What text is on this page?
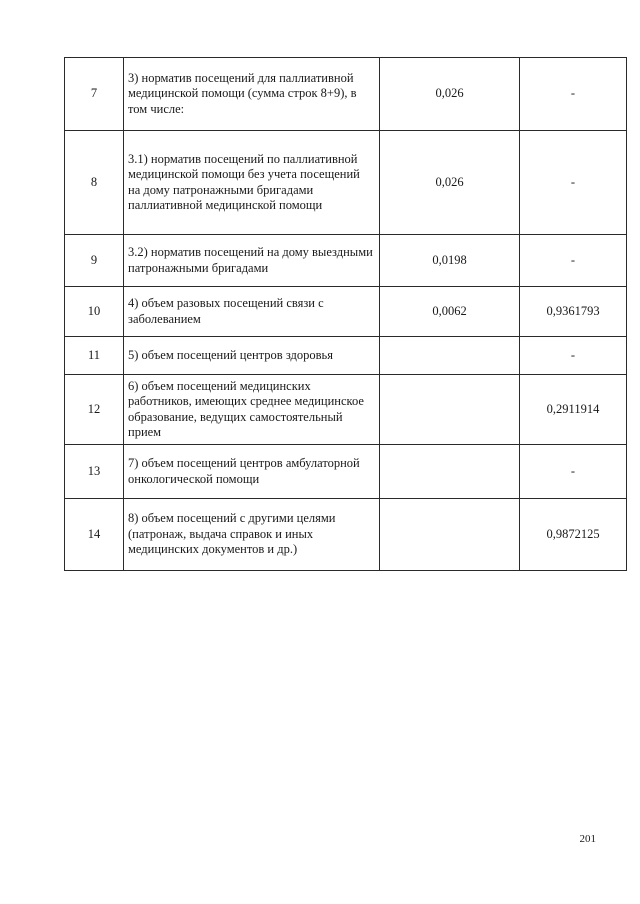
7	3) норматив посещений для паллиативной медицинской помощи (сумма строк 8+9), в том числе:	0,026	-
8	3.1) норматив посещений по паллиативной медицинской помощи без учета посещений на дому патронажными бригадами паллиативной медицинской помощи	0,026	-
9	3.2) норматив посещений на дому выездными патронажными бригадами	0,0198	-
10	4) объем разовых посещений связи с заболеванием	0,0062	0,9361793
11	5) объем посещений центров здоровья		-
12	6) объем посещений медицинских работников, имеющих среднее медицинское образование, ведущих самостоятельный прием		0,2911914
13	7) объем посещений центров амбулаторной онкологической помощи		-
14	8) объем посещений с другими целями (патронаж, выдача справок и иных медицинских документов и др.)		0,9872125
201
